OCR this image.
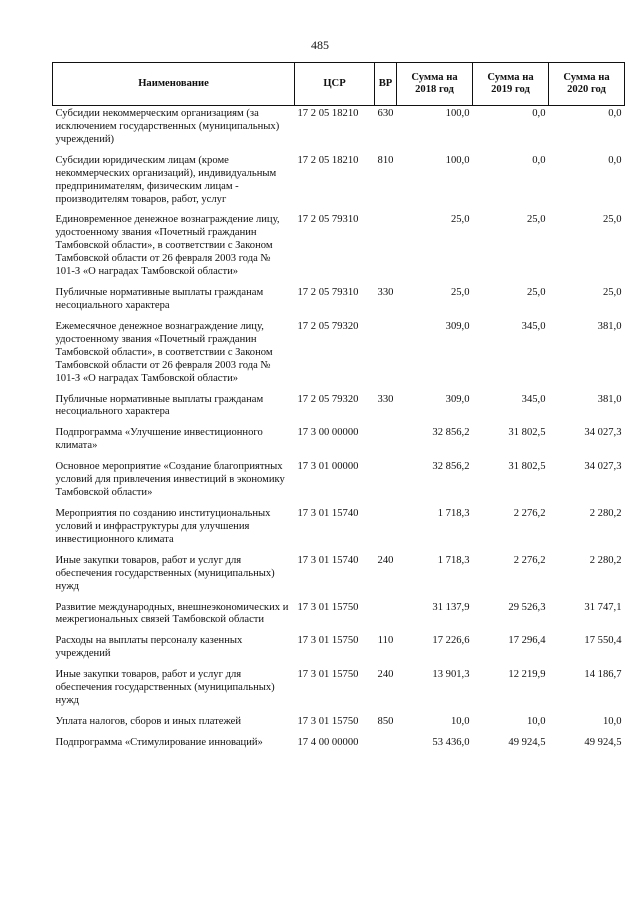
485
Наименование	ЦСР	ВР	Сумма на 2018 год	Сумма на 2019 год	Сумма на 2020 год
Субсидии некоммерческим организациям (за исключением государственных (муниципальных) учреждений)	17 2 05 18210	630	100,0	0,0	0,0
Субсидии юридическим лицам (кроме некоммерческих организаций), индивидуальным предпринимателям, физическим лицам - производителям товаров, работ, услуг	17 2 05 18210	810	100,0	0,0	0,0
Единовременное денежное вознаграждение лицу, удостоенному звания «Почетный гражданин Тамбовской области», в соответствии с Законом Тамбовской области от 26 февраля 2003 года № 101-З «О наградах Тамбовской области»	17 2 05 79310		25,0	25,0	25,0
Публичные нормативные выплаты гражданам несоциального характера	17 2 05 79310	330	25,0	25,0	25,0
Ежемесячное денежное вознаграждение лицу, удостоенному звания «Почетный гражданин Тамбовской области», в соответствии с Законом Тамбовской области от 26 февраля 2003 года № 101-З «О наградах Тамбовской области»	17 2 05 79320		309,0	345,0	381,0
Публичные нормативные выплаты гражданам несоциального характера	17 2 05 79320	330	309,0	345,0	381,0
Подпрограмма «Улучшение инвестиционного климата»	17 3 00 00000		32 856,2	31 802,5	34 027,3
Основное мероприятие «Создание благоприятных условий для привлечения инвестиций в экономику Тамбовской области»	17 3 01 00000		32 856,2	31 802,5	34 027,3
Мероприятия по созданию институциональных условий и инфраструктуры для улучшения инвестиционного климата	17 3 01 15740		1 718,3	2 276,2	2 280,2
Иные закупки товаров, работ и услуг для обеспечения государственных (муниципальных) нужд	17 3 01 15740	240	1 718,3	2 276,2	2 280,2
Развитие международных, внешнеэкономических и межрегиональных связей Тамбовской области	17 3 01 15750		31 137,9	29 526,3	31 747,1
Расходы на выплаты персоналу казенных учреждений	17 3 01 15750	110	17 226,6	17 296,4	17 550,4
Иные закупки товаров, работ и услуг для обеспечения государственных (муниципальных) нужд	17 3 01 15750	240	13 901,3	12 219,9	14 186,7
Уплата налогов, сборов и иных платежей	17 3 01 15750	850	10,0	10,0	10,0
Подпрограмма «Стимулирование инноваций»	17 4 00 00000		53 436,0	49 924,5	49 924,5
